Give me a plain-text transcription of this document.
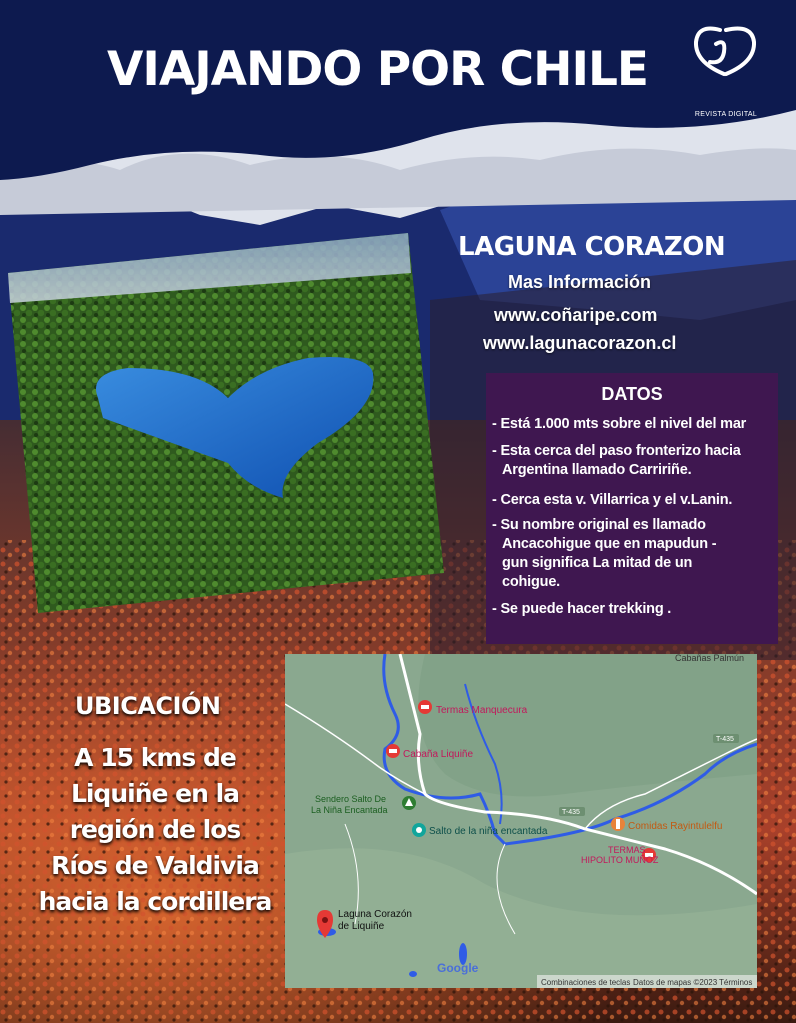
VIAJANDO POR CHILE
REVISTA DIGITAL
LAGUNA CORAZON
Mas Información
www.coñaripe.com
www.lagunacorazon.cl
DATOS
- Está 1.000 mts sobre el nivel del mar
- Esta cerca del paso fronterizo hacia
Argentina llamado Carririñe.
- Cerca esta v. Villarrica y el v.Lanin.
- Su nombre original es llamado
Ancacohigue que en mapudun -
gun significa La mitad de un
cohigue.
- Se puede hacer trekking .
UBICACIÓN
A 15 kms de
Liquiñe en la
región de los
Ríos de Valdivia
hacia la cordillera
Cabañas Palmún
Termas Manquecura
Cabaña Liquiñe
Sendero Salto De
La Niña Encantada
Salto de la niña encantada	Comidas Rayintulelfu
TERMAS
HIPOLITO MUÑOZ
Laguna Corazón
de Liquiñe
T-435
T-435
Google
Combinaciones de teclas Datos de mapas ©2023 Términos
